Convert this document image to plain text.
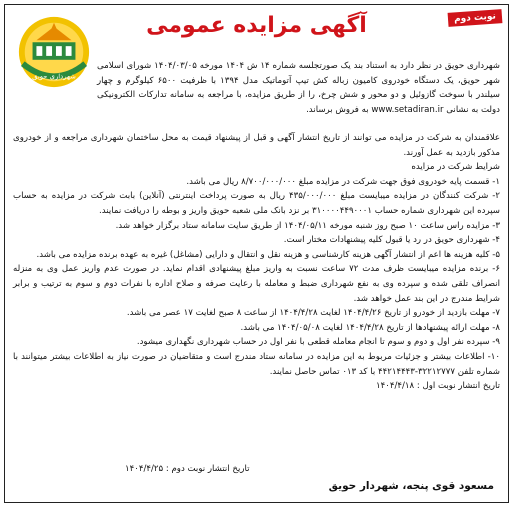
نوبت دوم
آگهی مزایده عمومی
شهرداری حویق
شهرداری حویق در نظر دارد به استناد بند یک صورتجلسه شماره ۱۴ ش ۱۴۰۴ مورخه ۱۴۰۴/۰۳/۰۵ شورای اسلامی شهر حویق، یک دستگاه خودروی کامیون زباله کش تیپ آتوماتیک مدل ۱۳۹۴ با ظرفیت ۶۵۰۰ کیلوگرم و چهار سیلندر با سوخت گازوئیل و دو محور و شش چرخ، را از طریق مزایده، با مراجعه به سامانه تدارکات الکترونیکی دولت به نشانی www.setadiran.ir به فروش برساند.

علاقمندان به شرکت در مزایده می توانند از تاریخ انتشار آگهی و قبل از پیشنهاد قیمت به محل ساختمان شهرداری مراجعه و از خودروی مذکور بازدید به عمل آورند.

شرایط شرکت در مزایده

۱- قسمت پایه خودروی فوق جهت شرکت در مزایده مبلغ ۸/۷۰۰/۰۰۰/۰۰۰ ریال می باشد.

۲- شرکت کنندگان در مزایده میبایست مبلغ ۴۳۵/۰۰۰/۰۰۰ ریال به صورت پرداخت اینترنتی (آنلاین) بابت شرکت در مزایده به حساب سپرده این شهرداری شماره حساب ۳۱۰۰۰۰۴۴۹۰۰۰۱ بر نزد بانک ملی شعبه حویق واریز و بوطه را دریافت نمایند.

۳- مزایده راس ساعت ۱۰ صبح روز شنبه مورخه ۱۴۰۴/۰۵/۱۱ از طریق سایت سامانه ستاد برگزار خواهد شد.

۴- شهرداری حویق در رد یا قبول کلیه پیشنهادات مختار است.

۵- کلیه هزینه ها اعم از انتشار آگهی هزینه کارشناسی و هزینه نقل و انتقال و دارایی (مشاغل) غیره به عهده برنده مزایده می باشد.

۶- برنده مزایده میبایست ظرف مدت ۷۲ ساعت نسبت به واریز مبلغ پیشنهادی اقدام نماید. در صورت عدم واریز عمل وی به منزله انصراف تلقی شده و سپرده وی به نفع شهرداری ضبط و معامله با رعایت صرفه و صلاح اداره با نفرات دوم و سوم به ترتیب و برابر شرایط مندرج در این بند عمل خواهد شد.

۷- مهلت بازدید از خودرو از تاریخ ۱۴۰۴/۴/۲۶ لغایت ۱۴۰۴/۴/۲۸ از ساعت ۸ صبح لغایت ۱۷ عصر می باشد.

۸- مهلت ارائه پیشنهادها از تاریخ ۱۴۰۴/۴/۲۸ لغایت ۱۴۰۴/۰۵/۰۸ می باشد.

۹- سپرده نفر اول و دوم و سوم تا انجام معامله قطعی با نفر اول در حساب شهرداری نگهداری میشود.

۱۰- اطلاعات بیشتر و جزئیات مربوط به این مزایده در سامانه ستاد مندرج است و متقاضیان در صورت نیاز به اطلاعات بیشتر میتوانند با شماره تلفن ۳۲۲۱۲۷۷۷-۴۴۲۱۴۴۴۳ با کد ۰۱۳ تماس حاصل نمایند.

تاریخ انتشار نوبت اول : ۱۴۰۴/۴/۱۸

تاریخ انتشار نوبت دوم : ۱۴۰۴/۴/۲۵
مسعود قوی پنجه، شهردار حویق
